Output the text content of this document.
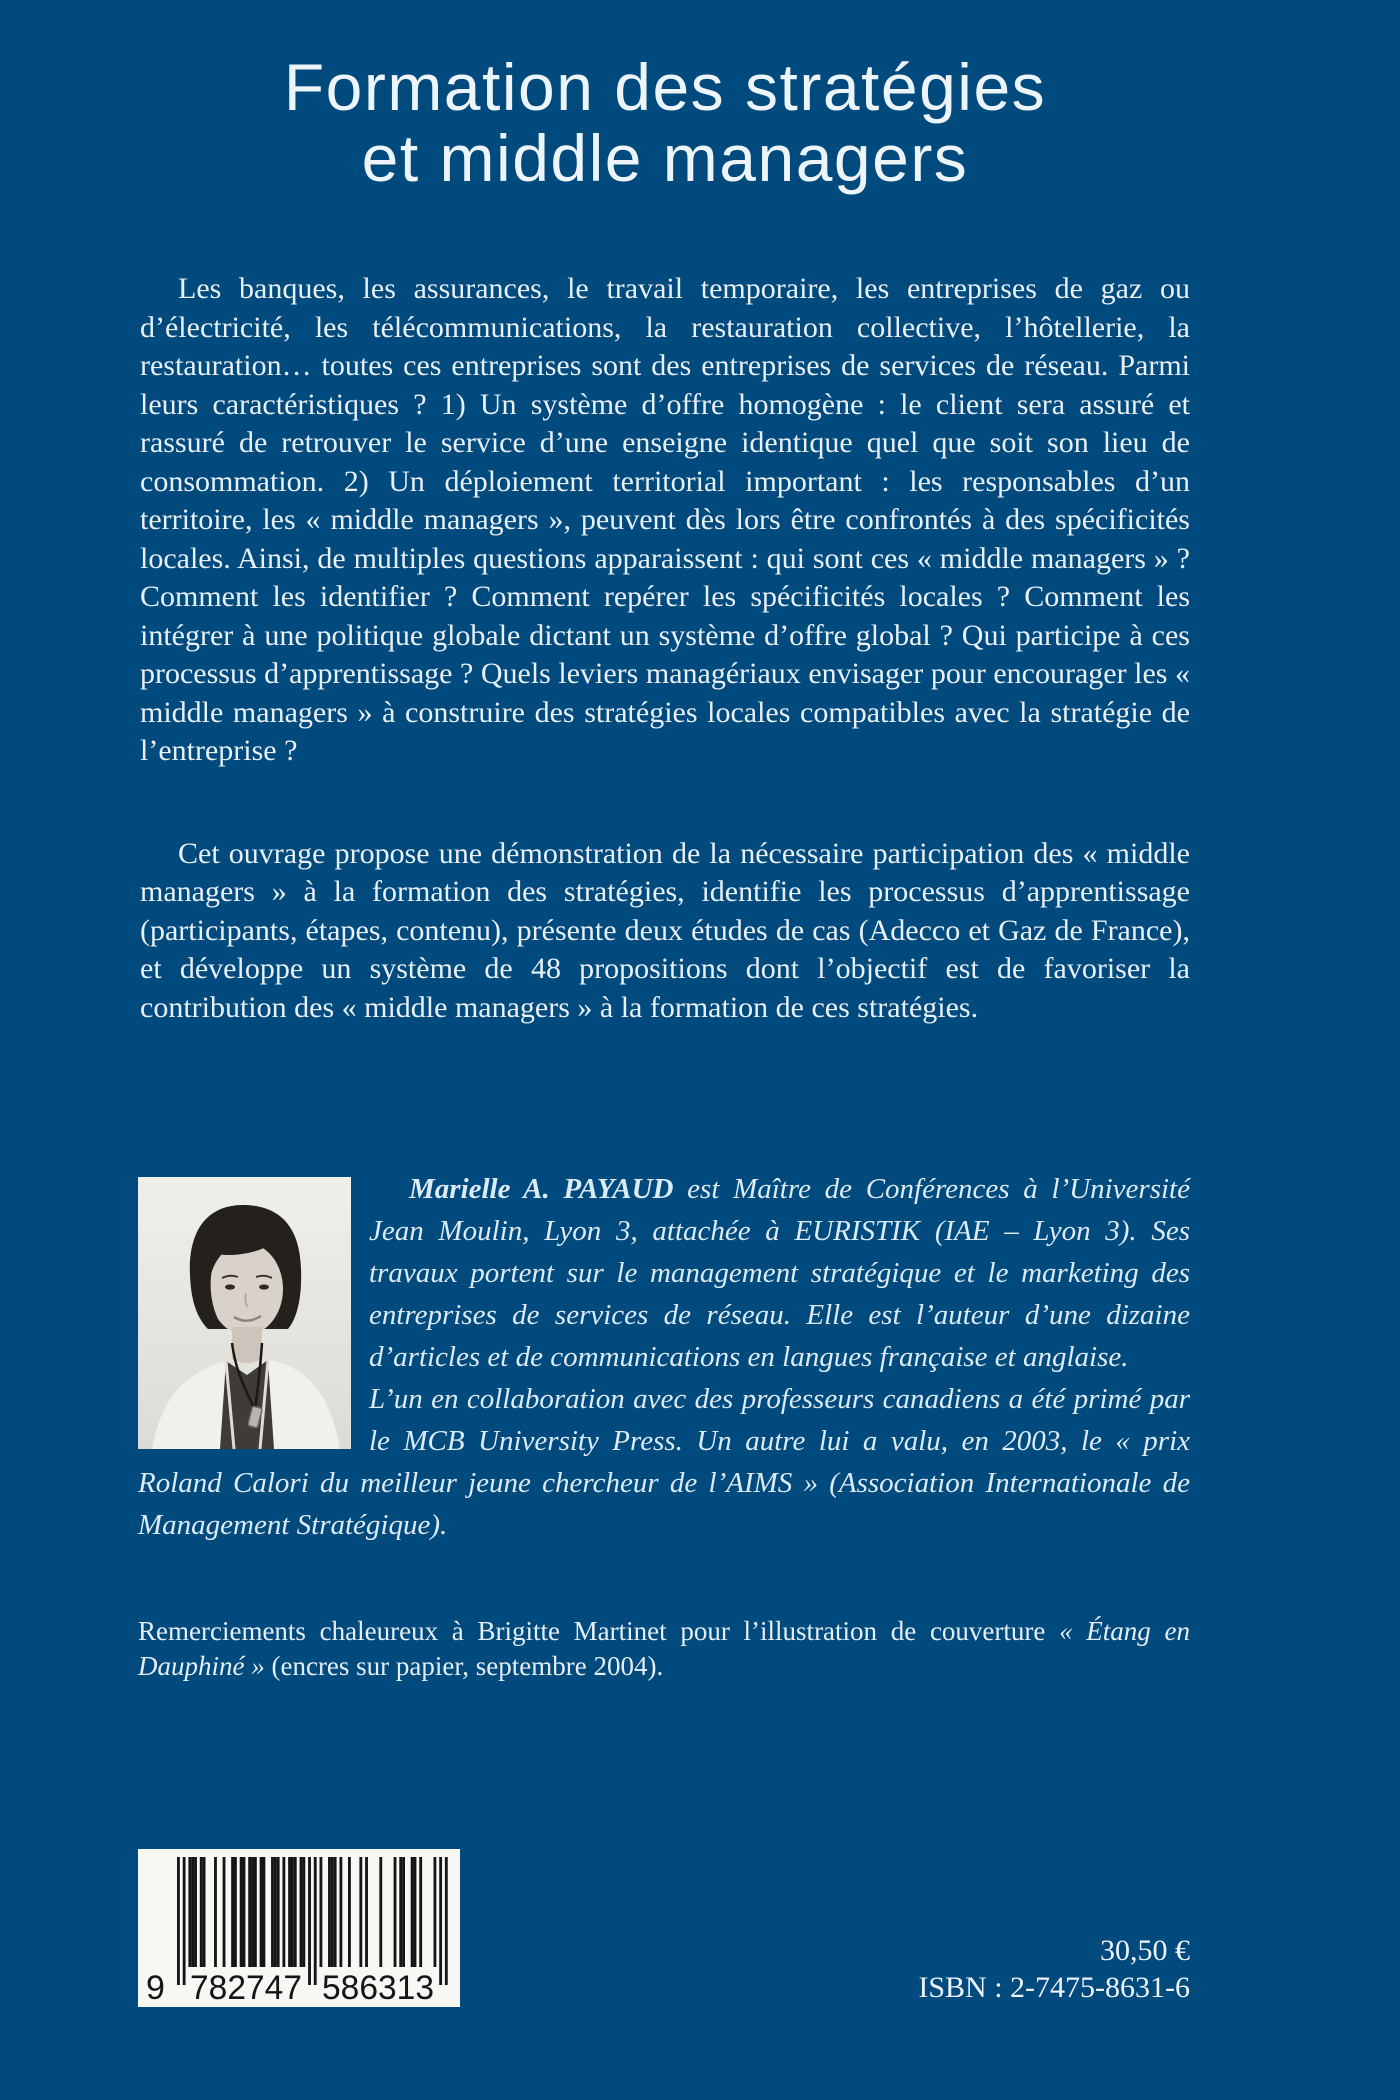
Formation des stratégies
et middle managers

Les banques, les assurances, le travail temporaire, les entreprises de gaz ou d’électricité, les télécommunications, la restauration collective, l’hôtellerie, la restauration… toutes ces entreprises sont des entreprises de services de réseau. Parmi leurs caractéristiques ? 1) Un système d’offre homogène : le client sera assuré et rassuré de retrouver le service d’une enseigne identique quel que soit son lieu de consommation. 2) Un déploiement territorial important : les responsables d’un territoire, les « middle managers », peuvent dès lors être confrontés à des spécificités locales. Ainsi, de multiples questions apparaissent : qui sont ces « middle managers » ? Comment les identifier ? Comment repérer les spécificités locales ? Comment les intégrer à une politique globale dictant un système d’offre global ? Qui participe à ces processus d’apprentissage ? Quels leviers managériaux envisager pour encourager les « middle managers » à construire des stratégies locales compatibles avec la stratégie de l’entreprise ?

Cet ouvrage propose une démonstration de la nécessaire participation des « middle managers » à la formation des stratégies, identifie les processus d’apprentissage (participants, étapes, contenu), présente deux études de cas (Adecco et Gaz de France), et développe un système de 48 propositions dont l’objectif est de favoriser la contribution des « middle managers » à la formation de ces stratégies.

Marielle A. PAYAUD est Maître de Conférences à l’Université Jean Moulin, Lyon 3, attachée à EURISTIK (IAE – Lyon 3). Ses travaux portent sur le management stratégique et le marketing des entreprises de services de réseau. Elle est l’auteur d’une dizaine d’articles et de communications en langues française et anglaise.

L’un en collaboration avec des professeurs canadiens a été primé par le MCB University Press. Un autre lui a valu, en 2003, le « prix Roland Calori du meilleur jeune chercheur de l’AIMS » (Association Internationale de Management Stratégique).

Remerciements chaleureux à Brigitte Martinet pour l’illustration de couverture « Étang en Dauphiné » (encres sur papier, septembre 2004).
9 782747 586313
30,50 €
ISBN : 2-7475-8631-6
